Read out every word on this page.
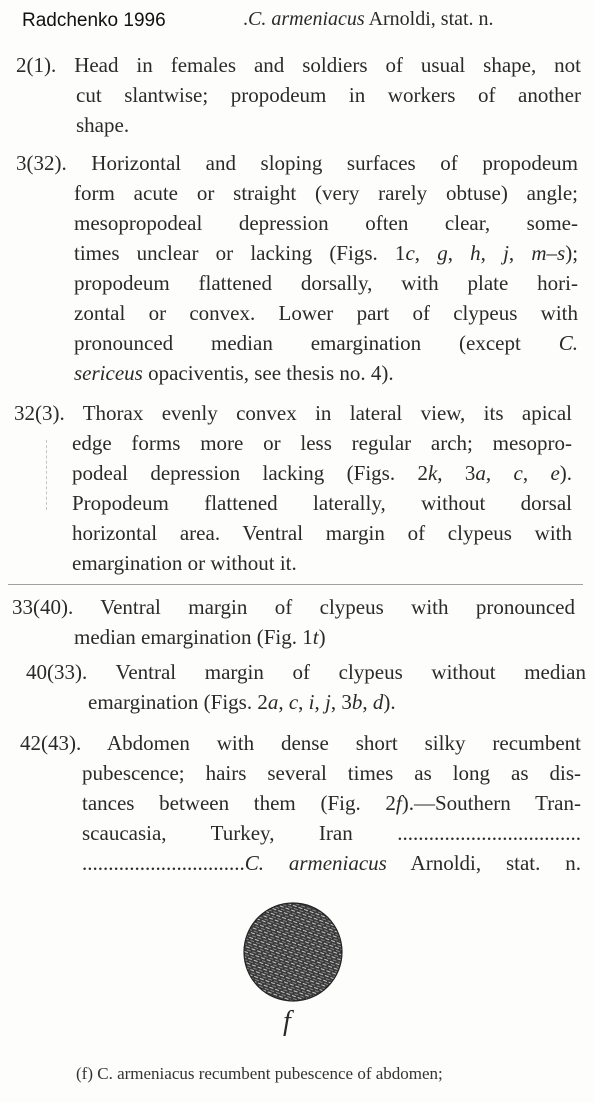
Radchenko 1996	.C. armeniacus Arnoldi, stat. n.
2(1). Head in females and soldiers of usual shape, not
cut slantwise; propodeum in workers of another
shape.
3(32). Horizontal and sloping surfaces of propodeum
form acute or straight (very rarely obtuse) angle;
mesopropodeal depression often clear, some-
times unclear or lacking (Figs. 1c, g, h, j, m–s);
propodeum flattened dorsally, with plate hori-
zontal or convex. Lower part of clypeus with
pronounced median emargination (except C.
sericeus opaciventis, see thesis no. 4).
32(3). Thorax evenly convex in lateral view, its apical
edge forms more or less regular arch; mesopro-
podeal depression lacking (Figs. 2k, 3a, c, e).
Propodeum flattened laterally, without dorsal
horizontal area. Ventral margin of clypeus with
emargination or without it.
33(40). Ventral margin of clypeus with pronounced
median emargination (Fig. 1t)
40(33). Ventral margin of clypeus without median
emargination (Figs. 2a, c, i, j, 3b, d).
42(43). Abdomen with dense short silky recumbent
pubescence; hairs several times as long as dis-
tances between them (Fig. 2f).—Southern Tran-
scaucasia, Turkey, Iran ...................................
...............................C. armeniacus Arnoldi, stat. n.
f
(f) C. armeniacus recumbent pubescence of abdomen;
